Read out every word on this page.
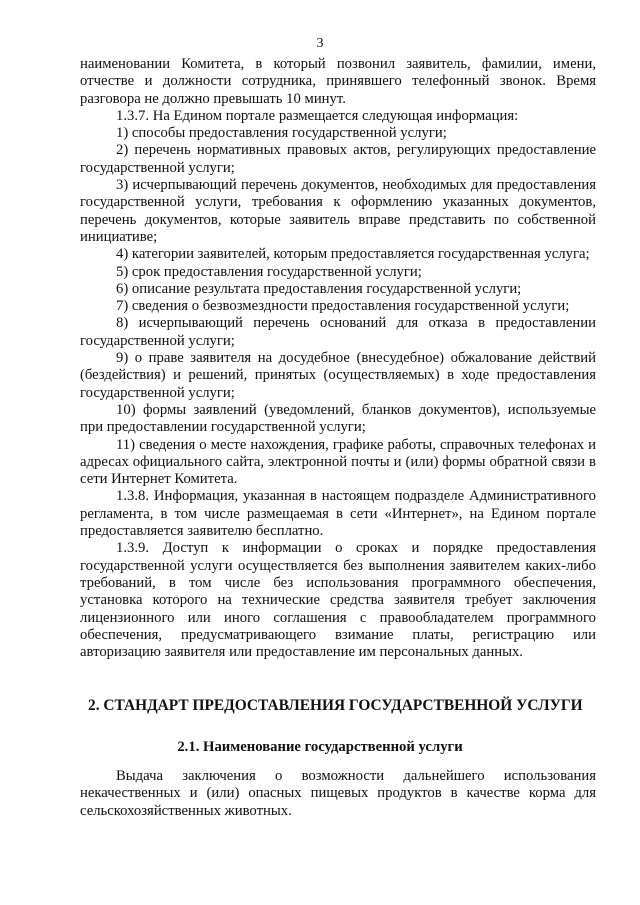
3

наименовании Комитета, в который позвонил заявитель, фамилии, имени, отчестве и должности сотрудника, принявшего телефонный звонок. Время разговора не должно превышать 10 минут.

1.3.7. На Едином портале размещается следующая информация:

1) способы предоставления государственной услуги;

2) перечень нормативных правовых актов, регулирующих предоставление государственной услуги;

3) исчерпывающий перечень документов, необходимых для предоставления государственной услуги, требования к оформлению указанных документов, перечень документов, которые заявитель вправе представить по собственной инициативе;

4) категории заявителей, которым предоставляется государственная услуга;

5) срок предоставления государственной услуги;

6) описание результата предоставления государственной услуги;

7) сведения о безвозмездности предоставления государственной услуги;

8) исчерпывающий перечень оснований для отказа в предоставлении государственной услуги;

9) о праве заявителя на досудебное (внесудебное) обжалование действий (бездействия) и решений, принятых (осуществляемых) в ходе предоставления государственной услуги;

10) формы заявлений (уведомлений, бланков документов), используемые при предоставлении государственной услуги;

11) сведения о месте нахождения, графике работы, справочных телефонах и адресах официального сайта, электронной почты и (или) формы обратной связи в сети Интернет Комитета.

1.3.8. Информация, указанная в настоящем подразделе Административного регламента, в том числе размещаемая в сети «Интернет», на Едином портале предоставляется заявителю бесплатно.

1.3.9. Доступ к информации о сроках и порядке предоставления государственной услуги осуществляется без выполнения заявителем каких-либо требований, в том числе без использования программного обеспечения, установка которого на технические средства заявителя требует заключения лицензионного или иного соглашения с правообладателем программного обеспечения, предусматривающего взимание платы, регистрацию или авторизацию заявителя или предоставление им персональных данных.

2. СТАНДАРТ ПРЕДОСТАВЛЕНИЯ ГОСУДАРСТВЕННОЙ УСЛУГИ
2.1. Наименование государственной услуги

Выдача заключения о возможности дальнейшего использования некачественных и (или) опасных пищевых продуктов в качестве корма для сельскохозяйственных животных.
